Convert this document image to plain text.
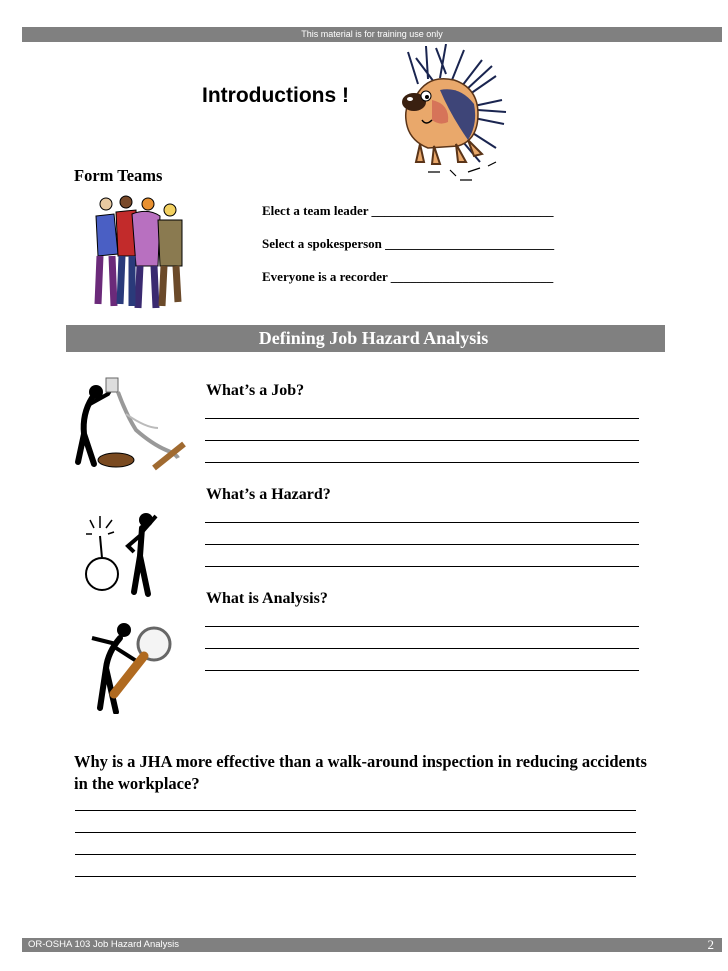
This material is for training use only
Introductions !
Form Teams
Elect a team leader ____________________________
Select a spokesperson __________________________
Everyone is a recorder _________________________
Defining Job Hazard Analysis
What’s a Job?
What’s a Hazard?
What is Analysis?
Why is a JHA more effective than a walk-around inspection in reducing accidents in the workplace?
OR-OSHA 103 Job Hazard Analysis	2
